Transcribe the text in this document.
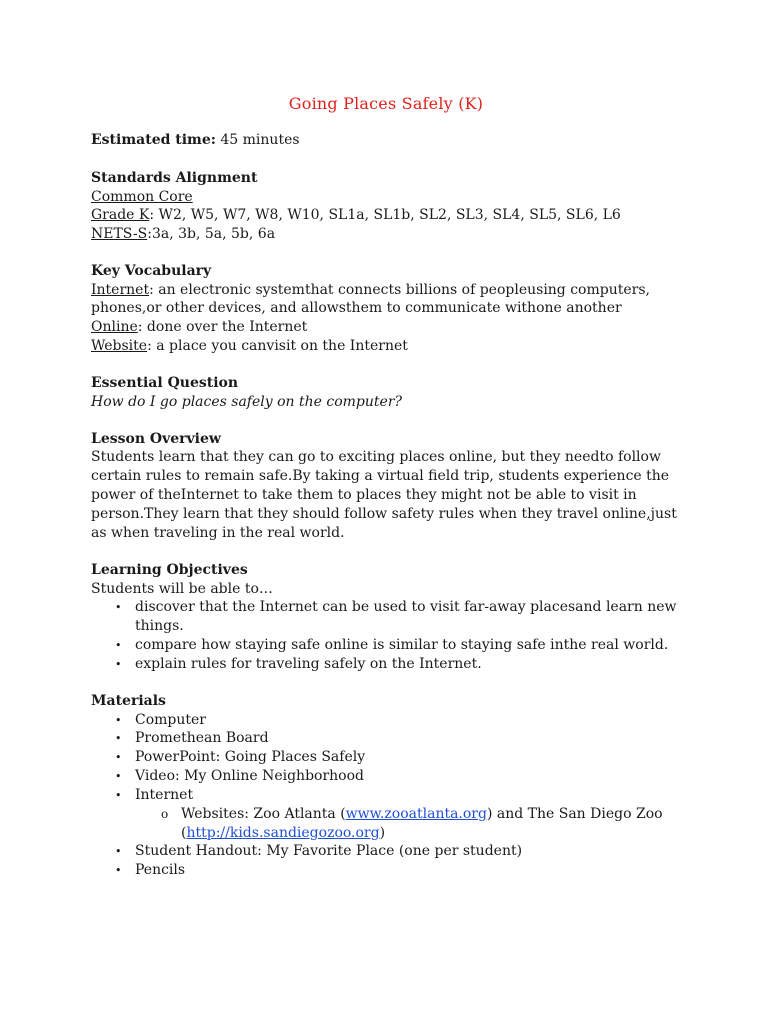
Going Places Safely (K)
Estimated time: 45 minutes
Standards Alignment
Common Core
Grade K: W2, W5, W7, W8, W10, SL1a, SL1b, SL2, SL3, SL4, SL5, SL6, L6
NETS-S:3a, 3b, 5a, 5b, 6a
Key Vocabulary
Internet: an electronic systemthat connects billions of peopleusing computers,
phones,or other devices, and allowsthem to communicate withone another
Online: done over the Internet
Website: a place you canvisit on the Internet
Essential Question
How do I go places safely on the computer?
Lesson Overview
Students learn that they can go to exciting places online, but they needto follow
certain rules to remain safe.By taking a virtual field trip, students experience the
power of theInternet to take them to places they might not be able to visit in
person.They learn that they should follow safety rules when they travel online,just
as when traveling in the real world.
Learning Objectives
Students will be able to…
• discover that the Internet can be used to visit far-away placesand learn new
things.
• compare how staying safe online is similar to staying safe inthe real world.
• explain rules for traveling safely on the Internet.
Materials
• Computer
• Promethean Board
• PowerPoint: Going Places Safely
• Video: My Online Neighborhood
• Internet
o Websites: Zoo Atlanta (www.zooatlanta.org) and The San Diego Zoo
(http://kids.sandiegozoo.org)
• Student Handout: My Favorite Place (one per student)
• Pencils
